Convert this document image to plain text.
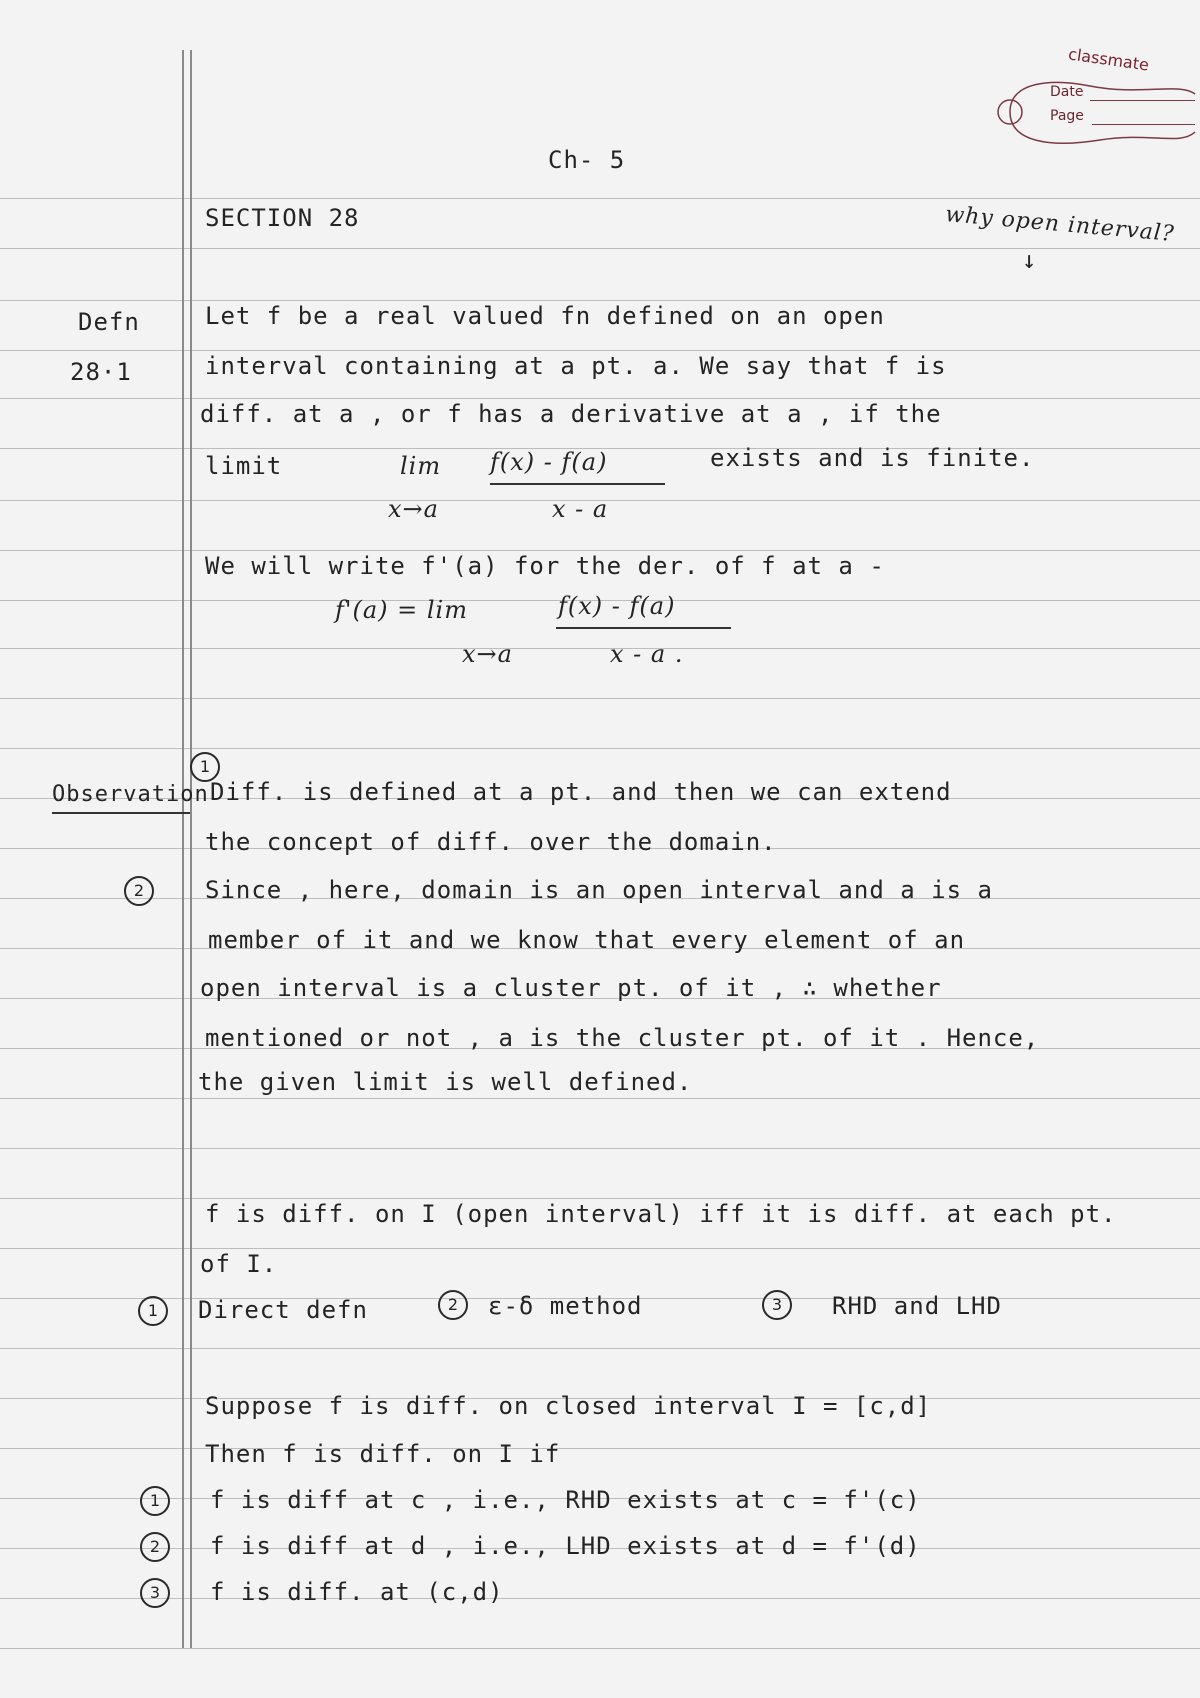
classmate
Date
Page
Ch- 5
SECTION 28	why open interval?
↓
Defn
28·1
Let f be a real valued fn defined on an open
interval containing at a pt. a. We say that f is
diff. at a , or f has a derivative at a , if the
limit	lim f(x) - f(a)	exists and is finite.
x→a	x - a
We will write f'(a) for the der. of f at a -
f'(a) = lim	f(x) - f(a)
x→a	x - a .
1
Observation Diff. is defined at a pt. and then we can extend
the concept of diff. over the domain.
2	Since , here, domain is an open interval and a is a
member of it and we know that every element of an
open interval is a cluster pt. of it , ∴ whether
mentioned or not , a is the cluster pt. of it . Hence,
the given limit is well defined.
f is diff. on I (open interval) iff it is diff. at each pt.
of I.
1	Direct defn	2	ε-δ method	3	RHD and LHD
Suppose f is diff. on closed interval I = [c,d]
Then f is diff. on I if
1	f is diff at c , i.e., RHD exists at c = f'(c)
2	f is diff at d , i.e., LHD exists at d = f'(d)
3	f is diff. at (c,d)
